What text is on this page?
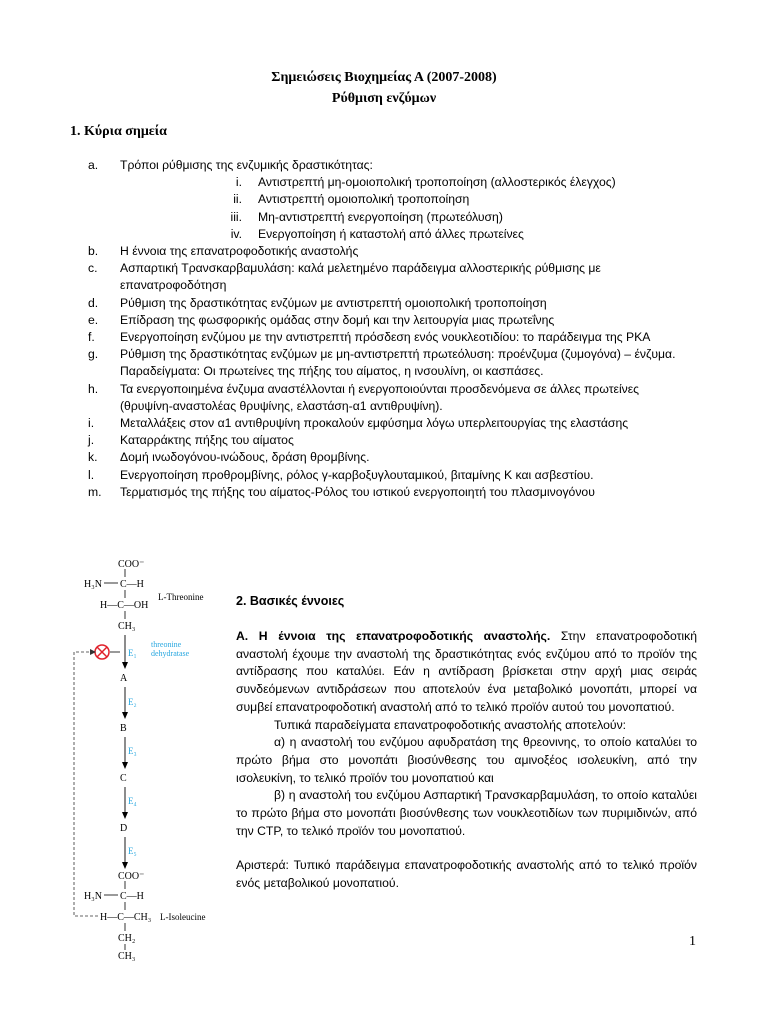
Σημειώσεις Βιοχημείας Α (2007-2008)
Ρύθμιση ενζύμων
1. Κύρια σημεία
a. Τρόποι ρύθμισης της ενζυμικής δραστικότητας:
i. Αντιστρεπτή μη-ομοιοπολική τροποποίηση (αλλοστερικός έλεγχος)
ii. Αντιστρεπτή ομοιοπολική τροποποίηση
iii. Μη-αντιστρεπτή ενεργοποίηση (πρωτεόλυση)
iv. Ενεργοποίηση ή καταστολή από άλλες πρωτείνες
b. Η έννοια της επανατροφοδοτικής αναστολής
c. Ασπαρτική Τρανσκαρβαμυλάση: καλά μελετημένο παράδειγμα αλλοστερικής ρύθμισης με επανατροφοδότηση
d. Ρύθμιση της δραστικότητας ενζύμων με αντιστρεπτή ομοιοπολική τροποποίηση
e. Επίδραση της φωσφορικής ομάδας στην δομή και την λειτουργία μιας πρωτεΐνης
f. Ενεργοποίηση ενζύμου με την αντιστρεπτή πρόσδεση ενός νουκλεοτιδίου: το παράδειγμα της PKA
g. Ρύθμιση της δραστικότητας ενζύμων με μη-αντιστρεπτή πρωτεόλυση: προένζυμα (ζυμογόνα) – ένζυμα. Παραδείγματα: Οι πρωτείνες της πήξης του αίματος, η ινσουλίνη, οι κασπάσες.
h. Τα ενεργοποιημένα ένζυμα αναστέλλονται ή ενεργοποιούνται προσδενόμενα σε άλλες πρωτείνες (θρυψίνη-αναστολέας θρυψίνης, ελαστάση-α1 αντιθρυψίνη).
i. Μεταλλάξεις στον α1 αντιθρυψίνη προκαλούν εμφύσημα λόγω υπερλειτουργίας της ελαστάσης
j. Καταρράκτης πήξης του αίματος
k. Δομή ινωδογόνου-ινώδους, δράση θρομβίνης.
l. Ενεργοποίηση προθρομβίνης, ρόλος γ-καρβοξυγλουταμικού, βιταμίνης Κ και ασβεστίου.
m. Τερματισμός της πήξης του αίματος-Ρόλος του ιστικού ενεργοποιητή του πλασμινογόνου
COO⁻
H₃N C—H
H—C—OH
CH₃
L-Threonine
E₁
threonine
dehydratase
A
E₂
B
E₃
C
E₄
D
E₅
COO⁻
H₃N C—H
H—C—CH₃
CH₂
CH₃
L-Isoleucine
2. Βασικές έννοιες

Α. Η έννοια της επανατροφοδοτικής αναστολής. Στην επανατροφοδοτική αναστολή έχουμε την αναστολή της δραστικότητας ενός ενζύμου από το προϊόν της αντίδρασης που καταλύει. Εάν η αντίδραση βρίσκεται στην αρχή μιας σειράς συνδεόμενων αντιδράσεων που αποτελούν ένα μεταβολικό μονοπάτι, μπορεί να συμβεί επανατροφοδοτική αναστολή από το τελικό προϊόν αυτού του μονοπατιού.

Τυπικά παραδείγματα επανατροφοδοτικής αναστολής αποτελούν:

α) η αναστολή του ενζύμου αφυδρατάση της θρεονινης, το οποίο καταλύει το πρώτο βήμα στο μονοπάτι βιοσύνθεσης του αμινοξέος ισολευκίνη, από την ισολευκίνη, το τελικό προϊόν του μονοπατιού και

β) η αναστολή του ενζύμου Ασπαρτική Τρανσκαρβαμυλάση, το οποίο καταλύει το πρώτο βήμα στο μονοπάτι βιοσύνθεσης των νουκλεοτιδίων των πυριμιδινών, από την CTP, το τελικό προϊόν του μονοπατιού.

Αριστερά: Τυπικό παράδειγμα επανατροφοδοτικής αναστολής από το τελικό προϊόν ενός μεταβολικού μονοπατιού.

1
